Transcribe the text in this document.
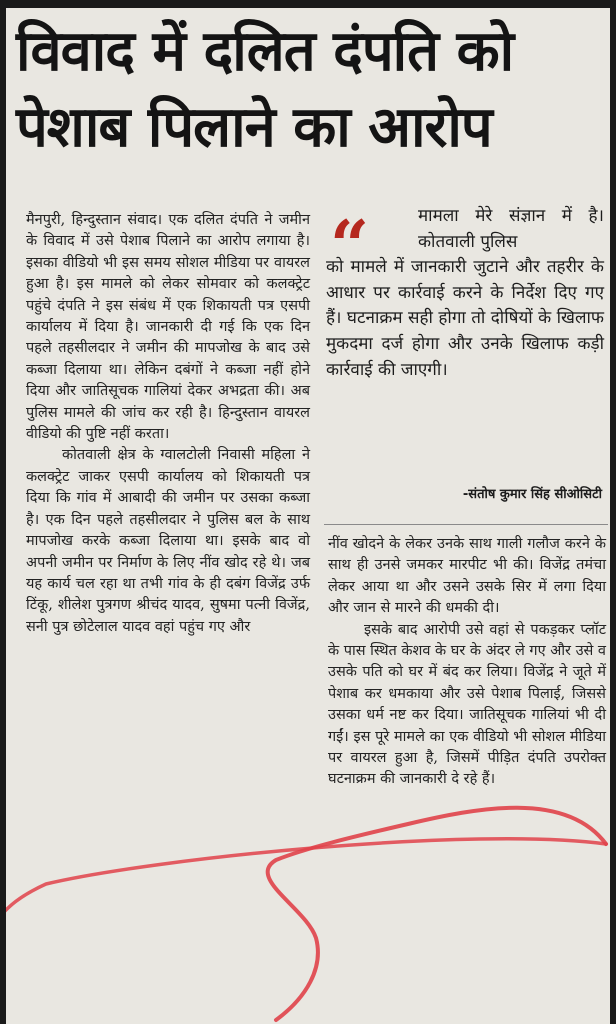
विवाद में दलित दंपति को
पेशाब पिलाने का आरोप

मैनपुरी, हिन्दुस्तान संवाद। एक दलित दंपति ने जमीन के विवाद में उसे पेशाब पिलाने का आरोप लगाया है। इसका वीडियो भी इस समय सोशल मीडिया पर वायरल हुआ है। इस मामले को लेकर सोमवार को कलक्ट्रेट पहुंचे दंपति ने इस संबंध में एक शिकायती पत्र एसपी कार्यालय में दिया है। जानकारी दी गई कि एक दिन पहले तहसीलदार ने जमीन की मापजोख के बाद उसे कब्जा दिलाया था। लेकिन दबंगों ने कब्जा नहीं होने दिया और जातिसूचक गालियां देकर अभद्रता की। अब पुलिस मामले की जांच कर रही है। हिन्दुस्तान वायरल वीडियो की पुष्टि नहीं करता।

कोतवाली क्षेत्र के ग्वालटोली निवासी महिला ने कलक्ट्रेट जाकर एसपी कार्यालय को शिकायती पत्र दिया कि गांव में आबादी की जमीन पर उसका कब्जा है। एक दिन पहले तहसीलदार ने पुलिस बल के साथ मापजोख करके कब्जा दिलाया था। इसके बाद वो अपनी जमीन पर निर्माण के लिए नींव खोद रहे थे। जब यह कार्य चल रहा था तभी गांव के ही दबंग विजेंद्र उर्फ टिंकू, शीलेश पुत्रगण श्रीचंद यादव, सुषमा पत्नी विजेंद्र, सनी पुत्र छोटेलाल यादव वहां पहुंच गए और

“	मामला मेरे संज्ञान में है। कोतवाली पुलिस
को मामले में जानकारी जुटाने और तहरीर के आधार पर कार्रवाई करने के निर्देश दिए गए हैं। घटनाक्रम सही होगा तो दोषियों के खिलाफ मुकदमा दर्ज होगा और उनके खिलाफ कड़ी कार्रवाई की जाएगी।
-संतोष कुमार सिंह सीओसिटी

नींव खोदने के लेकर उनके साथ गाली गलौज करने के साथ ही उनसे जमकर मारपीट भी की। विजेंद्र तमंचा लेकर आया था और उसने उसके सिर में लगा दिया और जान से मारने की धमकी दी।

इसके बाद आरोपी उसे वहां से पकड़कर प्लॉट के पास स्थित केशव के घर के अंदर ले गए और उसे व उसके पति को घर में बंद कर लिया। विजेंद्र ने जूते में पेशाब कर धमकाया और उसे पेशाब पिलाई, जिससे उसका धर्म नष्ट कर दिया। जातिसूचक गालियां भी दी गईं। इस पूरे मामले का एक वीडियो भी सोशल मीडिया पर वायरल हुआ है, जिसमें पीड़ित दंपति उपरोक्त घटनाक्रम की जानकारी दे रहे हैं।
